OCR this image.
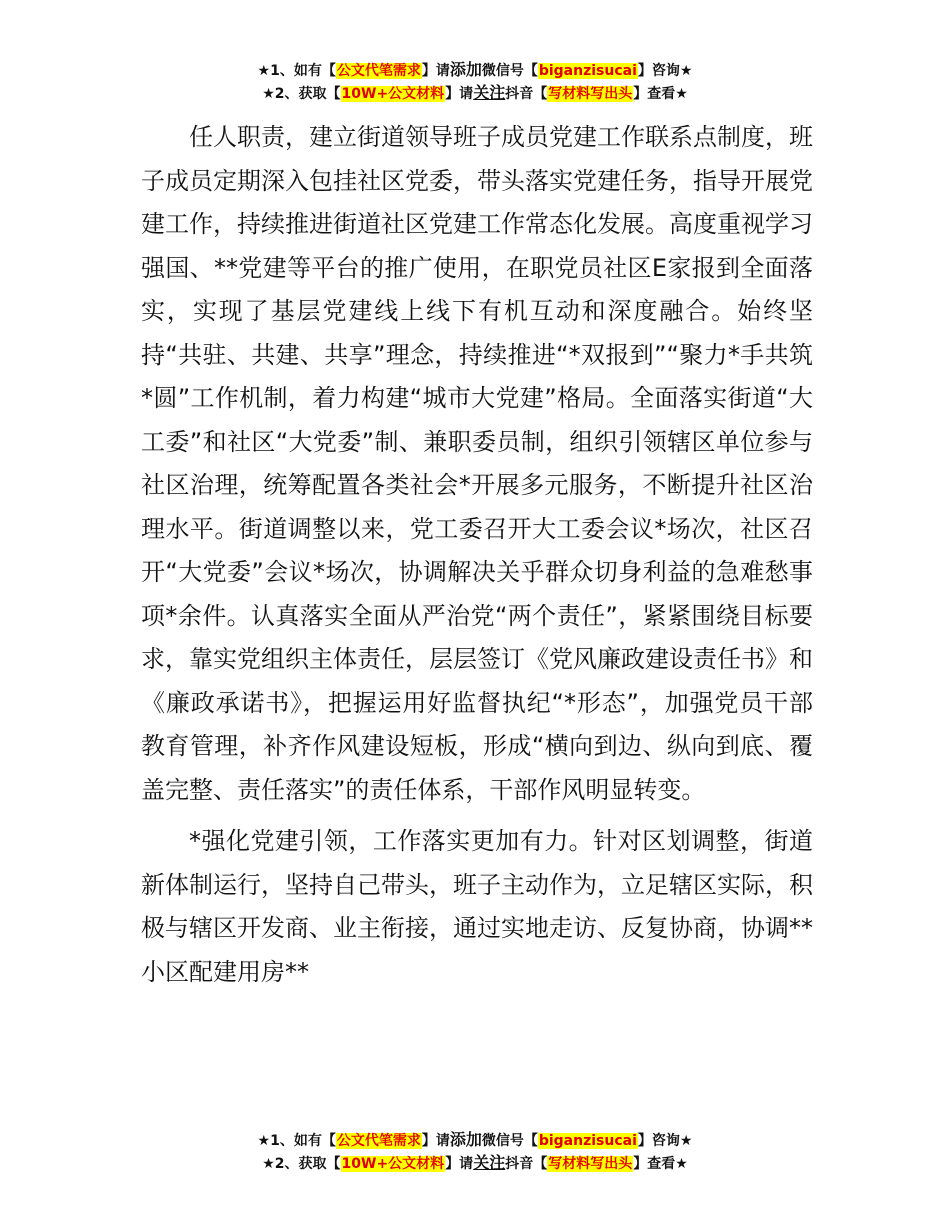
★1、如有【公文代笔需求】请添加微信号【biganzisucai】咨询★
★2、获取【10W+公文材料】请关注抖音【写材料写出头】查看★

任人职责，建立街道领导班子成员党建工作联系点制度，班子成员定期深入包挂社区党委，带头落实党建任务，指导开展党建工作，持续推进街道社区党建工作常态化发展。高度重视学习强国、**党建等平台的推广使用，在职党员社区E家报到全面落实，实现了基层党建线上线下有机互动和深度融合。始终坚持“共驻、共建、共享”理念，持续推进“*双报到”“聚力*手共筑*圆”工作机制，着力构建“城市大党建”格局。全面落实街道“大工委”和社区“大党委”制、兼职委员制，组织引领辖区单位参与社区治理，统筹配置各类社会*开展多元服务，不断提升社区治理水平。街道调整以来，党工委召开大工委会议*场次，社区召开“大党委”会议*场次，协调解决关乎群众切身利益的急难愁事项*余件。认真落实全面从严治党“两个责任”，紧紧围绕目标要求，靠实党组织主体责任，层层签订《党风廉政建设责任书》和《廉政承诺书》，把握运用好监督执纪“*形态”，加强党员干部教育管理，补齐作风建设短板，形成“横向到边、纵向到底、覆盖完整、责任落实”的责任体系，干部作风明显转变。

*强化党建引领，工作落实更加有力。针对区划调整，街道新体制运行，坚持自己带头，班子主动作为，立足辖区实际，积极与辖区开发商、业主衔接，通过实地走访、反复协商，协调**小区配建用房**

★1、如有【公文代笔需求】请添加微信号【biganzisucai】咨询★
★2、获取【10W+公文材料】请关注抖音【写材料写出头】查看★
